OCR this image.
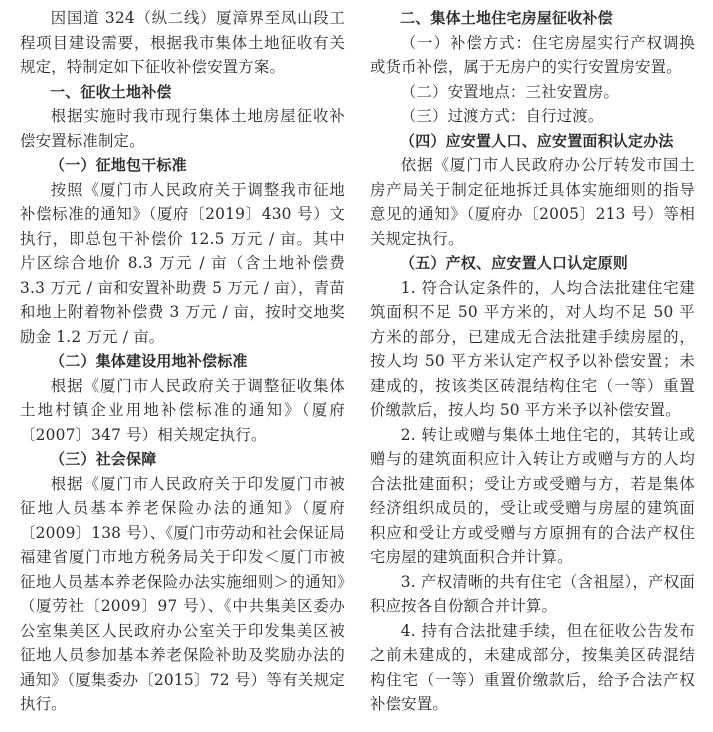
因国道 324（纵二线）厦漳界至凤山段工程项目建设需要，根据我市集体土地征收有关规定，特制定如下征收补偿安置方案。

一、征收土地补偿

根据实施时我市现行集体土地房屋征收补偿安置标准制定。

（一）征地包干标准

按照《厦门市人民政府关于调整我市征地补偿标准的通知》（厦府〔2019〕430 号）文执行，即总包干补偿价 12.5 万元 / 亩。其中片区综合地价 8.3 万元 / 亩（含土地补偿费 3.3 万元 / 亩和安置补助费 5 万元 / 亩），青苗和地上附着物补偿费 3 万元 / 亩，按时交地奖励金 1.2 万元 / 亩。

（二）集体建设用地补偿标准

根据《厦门市人民政府关于调整征收集体土地村镇企业用地补偿标准的通知》（厦府〔2007〕347 号）相关规定执行。

（三）社会保障

根据《厦门市人民政府关于印发厦门市被征地人员基本养老保险办法的通知》（厦府〔2009〕138 号）、《厦门市劳动和社会保证局福建省厦门市地方税务局关于印发＜厦门市被征地人员基本养老保险办法实施细则＞的通知》（厦劳社〔2009〕97 号）、《中共集美区委办公室集美区人民政府办公室关于印发集美区被征地人员参加基本养老保险补助及奖励办法的通知》（厦集委办〔2015〕72 号）等有关规定执行。

二、集体土地住宅房屋征收补偿

（一）补偿方式：住宅房屋实行产权调换或货币补偿，属于无房户的实行安置房安置。

（二）安置地点：三社安置房。

（三）过渡方式：自行过渡。

（四）应安置人口、应安置面积认定办法

依据《厦门市人民政府办公厅转发市国土房产局关于制定征地拆迁具体实施细则的指导意见的通知》（厦府办〔2005〕213 号）等相关规定执行。

（五）产权、应安置人口认定原则

1. 符合认定条件的，人均合法批建住宅建筑面积不足 50 平方米的，对人均不足 50 平方米的部分，已建成无合法批建手续房屋的，按人均 50 平方米认定产权予以补偿安置；未建成的，按该类区砖混结构住宅（一等）重置价缴款后，按人均 50 平方米予以补偿安置。

2. 转让或赠与集体土地住宅的，其转让或赠与的建筑面积应计入转让方或赠与方的人均合法批建面积；受让方或受赠与方，若是集体经济组织成员的，受让或受赠与房屋的建筑面积应和受让方或受赠与方原拥有的合法产权住宅房屋的建筑面积合并计算。

3. 产权清晰的共有住宅（含祖屋），产权面积应按各自份额合并计算。

4. 持有合法批建手续，但在征收公告发布之前未建成的，未建成部分，按集美区砖混结构住宅（一等）重置价缴款后，给予合法产权补偿安置。
